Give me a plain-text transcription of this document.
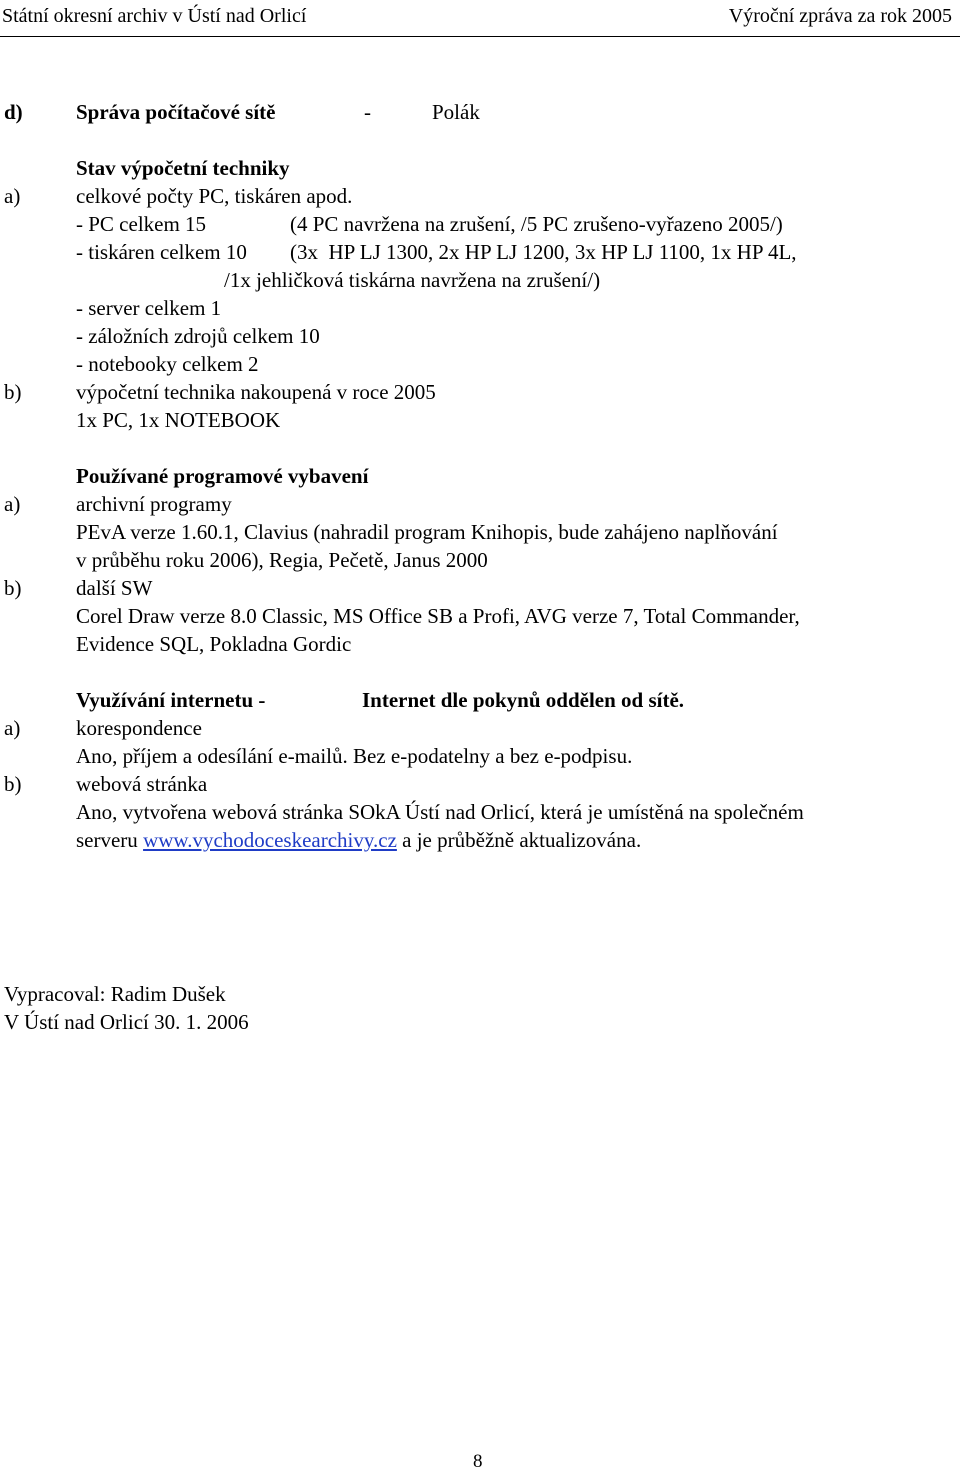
Státní okresní archiv v Ústí nad Orlicí	Výroční zpráva za rok 2005
d)	Správa počítačové sítě	-	Polák
Stav výpočetní techniky
a)	celkové počty PC, tiskáren apod.
- PC celkem 15	(4 PC navržena na zrušení, /5 PC zrušeno-vyřazeno 2005/)
- tiskáren celkem 10 (3x  HP LJ 1300, 2x HP LJ 1200, 3x HP LJ 1100, 1x HP 4L,
/1x jehličková tiskárna navržena na zrušení/)
- server celkem 1
- záložních zdrojů celkem 10
- notebooky celkem 2
b)	výpočetní technika nakoupená v roce 2005
1x PC, 1x NOTEBOOK
Používané programové vybavení
a)	archivní programy
PEvA verze 1.60.1, Clavius (nahradil program Knihopis, bude zahájeno naplňování
v průběhu roku 2006), Regia, Pečetě, Janus 2000
b)	další SW
Corel Draw verze 8.0 Classic, MS Office SB a Profi, AVG verze 7, Total Commander,
Evidence SQL, Pokladna Gordic
Využívání internetu -	Internet dle pokynů oddělen od sítě.
a)	korespondence
Ano, příjem a odesílání e-mailů. Bez e-podatelny a bez e-podpisu.
b)	webová stránka
Ano, vytvořena webová stránka SOkA Ústí nad Orlicí, která je umístěná na společném
serveru www.vychodoceskearchivy.cz a je průběžně aktualizována.
Vypracoval: Radim Dušek
V Ústí nad Orlicí 30. 1. 2006
8
